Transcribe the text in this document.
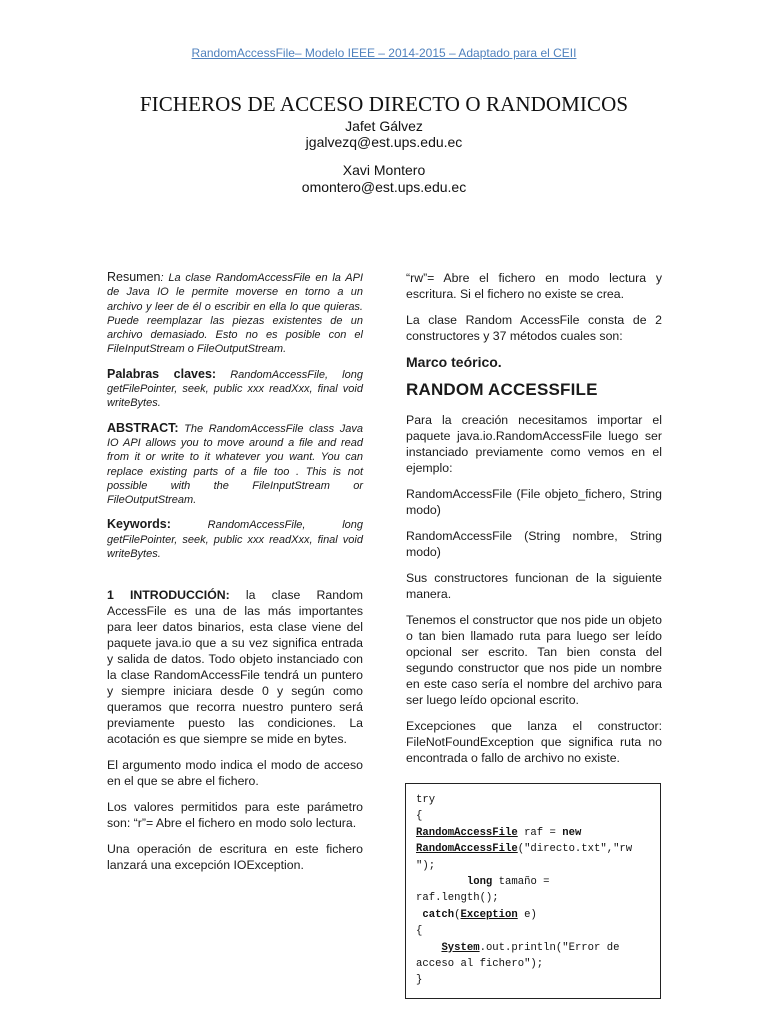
RandomAccessFile– Modelo IEEE – 2014-2015 – Adaptado para el CEII
FICHEROS DE ACCESO DIRECTO O RANDOMICOS
Jafet Gálvez
jgalvezq@est.ups.edu.ec
Xavi Montero
omontero@est.ups.edu.ec

Resumen: La clase RandomAccessFile en la API de Java IO le permite moverse en torno a un archivo y leer de él o escribir en ella lo que quieras. Puede reemplazar las piezas existentes de un archivo demasiado. Esto no es posible con el FileInputStream o FileOutputStream.

Palabras claves: RandomAccessFile, long getFilePointer, seek, public xxx readXxx, final void writeBytes.

ABSTRACT: The RandomAccessFile class Java IO API allows you to move around a file and read from it or write to it whatever you want. You can replace existing parts of a file too . This is not possible with the FileInputStream or FileOutputStream.

Keywords: RandomAccessFile, long getFilePointer, seek, public xxx readXxx, final void writeBytes.

1 INTRODUCCIÓN: la clase Random AccessFile es una de las más importantes para leer datos binarios, esta clase viene del paquete java.io que a su vez significa entrada y salida de datos. Todo objeto instanciado con la clase RandomAccessFile tendrá un puntero y siempre iniciara desde 0 y según como queramos que recorra nuestro puntero será previamente puesto las condiciones. La acotación es que siempre se mide en bytes.

El argumento modo indica el modo de acceso en el que se abre el fichero.

Los valores permitidos para este parámetro son: “r”= Abre el fichero en modo solo lectura.

Una operación de escritura en este fichero lanzará una excepción IOException.

“rw”= Abre el fichero en modo lectura y escritura. Si el fichero no existe se crea.

La clase Random AccessFile consta de 2 constructores y 37 métodos cuales son:

Marco teórico.
RANDOM ACCESSFILE

Para la creación necesitamos importar el paquete java.io.RandomAccessFile luego ser instanciado previamente como vemos en el ejemplo:

RandomAccessFile (File objeto_fichero, String modo)

RandomAccessFile (String nombre, String modo)

Sus constructores funcionan de la siguiente manera.

Tenemos el constructor que nos pide un objeto o tan bien llamado ruta para luego ser leído opcional ser escrito. Tan bien consta del segundo constructor que nos pide un nombre en este caso sería el nombre del archivo para ser luego leído opcional escrito.

Excepciones que lanza el constructor: FileNotFoundException que significa ruta no encontrada o fallo de archivo no existe.

try
{
RandomAccessFile raf = new
RandomAccessFile("directo.txt","rw
");
long tamaño =
raf.length();
catch(Exception e)
{
System.out.println("Error de
acceso al fichero");
}
